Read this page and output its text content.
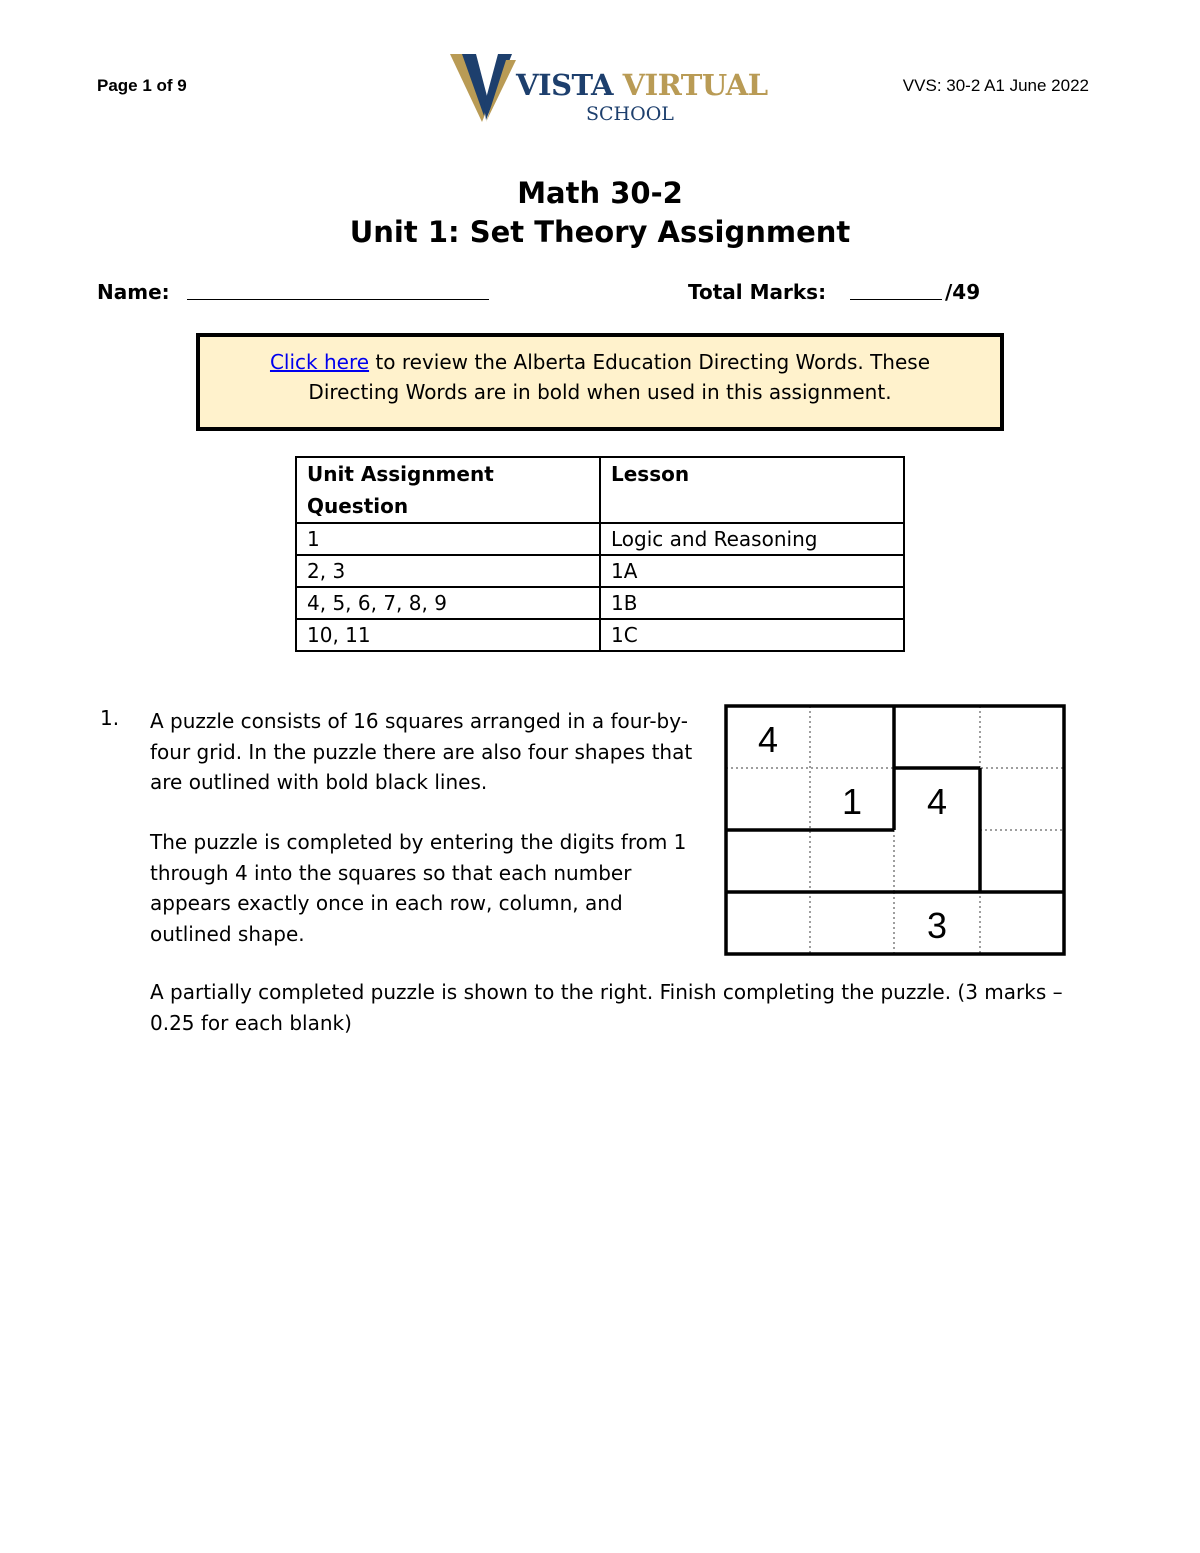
Page 1 of 9	VISTA VIRTUAL
SCHOOL
VVS: 30-2 A1 June 2022
Math 30-2
Unit 1: Set Theory Assignment
Name:	Total Marks:	/49
Click here to review the Alberta Education Directing Words. These
Directing Words are in bold when used in this assignment.
Unit Assignment Question	Lesson
1	Logic and Reasoning
2, 3	1A
4, 5, 6, 7, 8, 9	1B
10, 11	1C
1. A puzzle consists of 16 squares arranged in a four-by-four grid. In the puzzle there are also four shapes that are outlined with bold black lines.
The puzzle is completed by entering the digits from 1 through 4 into the squares so that each number appears exactly once in each row, column, and outlined shape.
A partially completed puzzle is shown to the right. Finish completing the puzzle. (3 marks – 0.25 for each blank)
4
1 4
3
